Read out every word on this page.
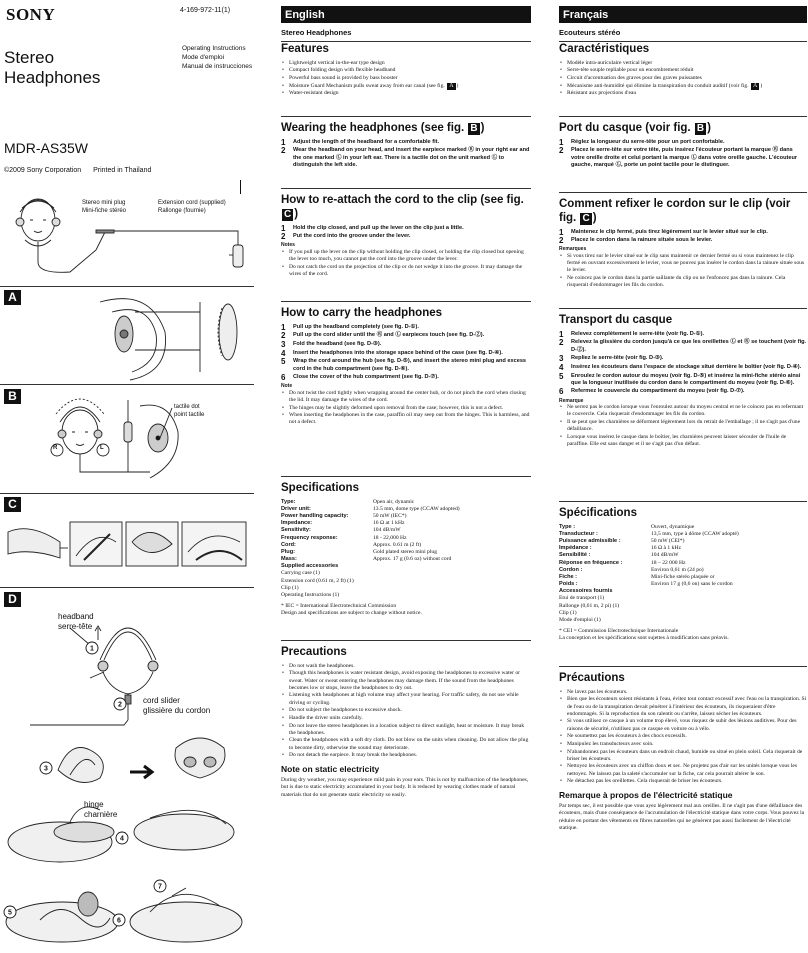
SONY	4-169-972-11(1)
Stereo
Headphones
Operating Instructions
Mode d'emploi
Manual de instrucciones
MDR-AS35W
©2009 Sony Corporation Printed in Thailand
Stereo mini plug
Mini-fiche stéréo
Extension cord (supplied)
Rallonge (fournie)
A
B
R	L
tactile dot
point tactile
C
D
1
2
3
4
5
6
7
headband
serre-tête
cord slider
glissière du cordon
hinge
charnière
English
Stereo Headphones
Features
• Lightweight vertical in-the-ear type design
• Compact folding design with flexible headband
• Powerful bass sound is provided by bass booster
• Moisture Guard Mechanism pulls sweat away from ear canal (see fig. A )
• Water-resistant design
Wearing the headphones (see fig. B )
1 Adjust the length of the headband for a comfortable fit.
2 Wear the headband on your head, and insert the earpiece marked Ⓡ in your right ear and the one marked Ⓛ in your left ear. There is a tactile dot on the unit marked Ⓛ to distinguish the left side.
How to re-attach the cord to the clip (see fig. C )
1 Hold the clip closed, and pull up the lever on the clip just a little.
2 Put the cord into the groove under the lever.
Notes
• If you pull up the lever on the clip without holding the clip closed, or holding the clip closed but opening the lever too much, you cannot put the cord into the groove under the lever.
• Do not catch the cord on the projection of the clip or do not wedge it into the groove. It may damage the wires of the cord.
How to carry the headphones
1 Pull up the headband completely (see fig. D-①).
2 Pull up the cord slider until the Ⓡ and Ⓛ earpieces touch (see fig. D-②).
3 Fold the headband (see fig. D-③).
4 Insert the headphones into the storage space behind of the case (see fig. D-④).
5 Wrap the cord around the hub (see fig. D-⑤), and insert the stereo mini plug and excess cord in the hub compartment (see fig. D-⑥).
6 Close the cover of the hub compartment (see fig. D-⑦).
Note
• Do not twist the cord tightly when wrapping around the center hub, or do not pinch the cord when closing the lid. It may damage the wires of the cord.
• The hinges may be slightly deformed upon removal from the case; however, this is not a defect.
• When inserting the headphones in the case, paraffin oil may seep out from the hinges. This is harmless, and not a defect.
Specifications
Type:	Open air, dynamic
Driver unit:	13.5 mm, dome type (CCAW adopted)
Power handling capacity:	50 mW (IEC*)
Impedance:	16 Ω at 1 kHz
Sensitivity:	104 dB/mW
Frequency response:	18 - 22,000 Hz
Cord:	Approx. 0.61 m (2 ft)
Plug:	Gold plated stereo mini plug
Mass:	Approx. 17 g (0.6 oz) without cord
Supplied accessories
Carrying case (1)
Extension cord (0.61 m, 2 ft) (1)
Clip (1)
Operating Instructions (1)
* IEC = International Electrotechnical Commission
Design and specifications are subject to change without notice.
Precautions
• Do not wash the headphones.
• Though this headphones is water resistant design, avoid exposing the headphones to excessive water or sweat. Water or sweat entering the headphones may damage them. If the sound from the headphones becomes low or stops, leave the headphones to dry out.
• Listening with headphones at high volume may affect your hearing. For traffic safety, do not use while driving or cycling.
• Do not subject the headphones to excessive shock.
• Handle the driver units carefully.
• Do not leave the stereo headphones in a location subject to direct sunlight, heat or moisture. It may break the headphones.
• Clean the headphones with a soft dry cloth. Do not blow on the units when cleaning. Do not allow the plug to become dirty, otherwise the sound may deteriorate.
• Do not detach the earpiece. It may break the headphones.
Note on static electricity
During dry weather, you may experience mild pain in your ears. This is not by malfunction of the headphones, but is due to static electricity accumulated in your body. It is reduced by wearing clothes made of natural materials that do not generate static electricity so easily.
Français
Ecouteurs stéréo
Caractéristiques
• Modèle intra-auriculaire vertical léger
• Serre-tête souple repliable pour un encombrement réduit
• Circuit d'accentuation des graves pour des graves puissantes
• Mécanisme anti-humidité qui élimine la transpiration du conduit auditif (voir fig. A )
• Résistant aux projections d'eau
Port du casque (voir fig. B )
1 Réglez la longueur du serre-tête pour un port confortable.
2 Placez le serre-tête sur votre tête, puis insérez l'écouteur portant la marque Ⓡ dans votre oreille droite et celui portant la marque Ⓛ dans votre oreille gauche. L'écouteur gauche, marqué Ⓛ, porte un point tactile pour le distinguer.
Comment refixer le cordon sur le clip (voir fig. C )
1 Maintenez le clip fermé, puis tirez légèrement sur le levier situé sur le clip.
2 Placez le cordon dans la rainure située sous le levier.
Remarques
• Si vous tirez sur le levier situé sur le clip sans maintenir ce dernier fermé ou si vous maintenez le clip fermé en ouvrant excessivement le levier, vous ne pouvez pas insérer le cordon dans la rainure située sous le levier.
• Ne coincez pas le cordon dans la partie saillante du clip ou ne l'enfoncez pas dans la rainure. Cela risquerait d'endommager les fils du cordon.
Transport du casque
1 Relevez complètement le serre-tête (voir fig. D-①).
2 Relevez la glissière du cordon jusqu'à ce que les oreillettes Ⓛ et Ⓡ se touchent (voir fig. D-②).
3 Repliez le serre-tête (voir fig. D-③).
4 Insérez les écouteurs dans l'espace de stockage situé derrière le boîtier (voir fig. D-④).
5 Enroulez le cordon autour du moyeu (voir fig. D-⑤) et insérez la mini-fiche stéréo ainsi que la longueur inutilisée du cordon dans le compartiment du moyeu (voir fig. D-⑥).
6 Refermez le couvercle du compartiment du moyeu (voir fig. D-⑦).
Remarque
• Ne serrez pas le cordon lorsque vous l'enroulez autour du moyeu central et ne le coincez pas en refermant le couvercle. Cela risquerait d'endommager les fils du cordon.
• Il se peut que les charnières se déforment légèrement lors du retrait de l'emballage ; il ne s'agit pas d'une défaillance.
• Lorsque vous insérez le casque dans le boîtier, les charnières peuvent laisser sécouler de l'huile de paraffine. Elle est sans danger et il ne s'agit pas d'un défaut.
Spécifications
Type :	Ouvert, dynamique
Transducteur :	13,5 mm, type à dôme (CCAW adopté)
Puissance admissible :	50 mW (CEI*)
Impédance :	16 Ω à 1 kHz
Sensibilité :	104 dB/mW
Réponse en fréquence :	18 – 22 000 Hz
Cordon :	Environ 0,61 m (24 po)
Fiche :	Mini-fiche stéréo plaquée or
Poids :	Environ 17 g (0,6 on) sans le cordon
Accessoires fournis
Etui de transport (1)
Rallonge (0,61 m, 2 pi) (1)
Clip (1)
Mode d'emploi (1)
* CEI = Commission Electrotechnique Internationale
La conception et les spécifications sont sujettes à modification sans préavis.
Précautions
• Ne lavez pas les écouteurs.
• Bien que les écouteurs soient résistants à l'eau, évitez tout contact excessif avec l'eau ou la transpiration. Si de l'eau ou de la transpiration devait pénétrer à l'intérieur des écouteurs, ils risqueraient d'être endommagés. Si la reproduction du son ralentit ou s'arrête, laissez sécher les écouteurs.
• Si vous utilisez ce casque à un volume trop élevé, vous risquez de subir des lésions auditives. Pour des raisons de sécurité, n'utilisez pas ce casque en voiture ou à vélo.
• Ne soumettez pas les écouteurs à des chocs excessifs.
• Manipulez les transducteurs avec soin.
• N'abandonnez pas les écouteurs dans un endroit chaud, humide ou situé en plein soleil. Cela risquerait de briser les écouteurs.
• Nettoyez les écouteurs avec un chiffon doux et sec. Ne projetez pas d'air sur les unités lorsque vous les nettoyez. Ne laissez pas la saleté s'accumuler sur la fiche, car cela pourrait altérer le son.
• Ne détachez pas les oreillettes. Cela risquerait de briser les écouteurs.
Remarque à propos de l'électricité statique
Par temps sec, il est possible que vous ayez légèrement mal aux oreilles. Il ne s'agit pas d'une défaillance des écouteurs, mais d'une conséquence de l'accumulation de l'électricité statique dans votre corps. Vous pouvez la réduire en portant des vêtements en fibres naturelles qui ne génèrent pas aussi facilement de l'électricité statique.
